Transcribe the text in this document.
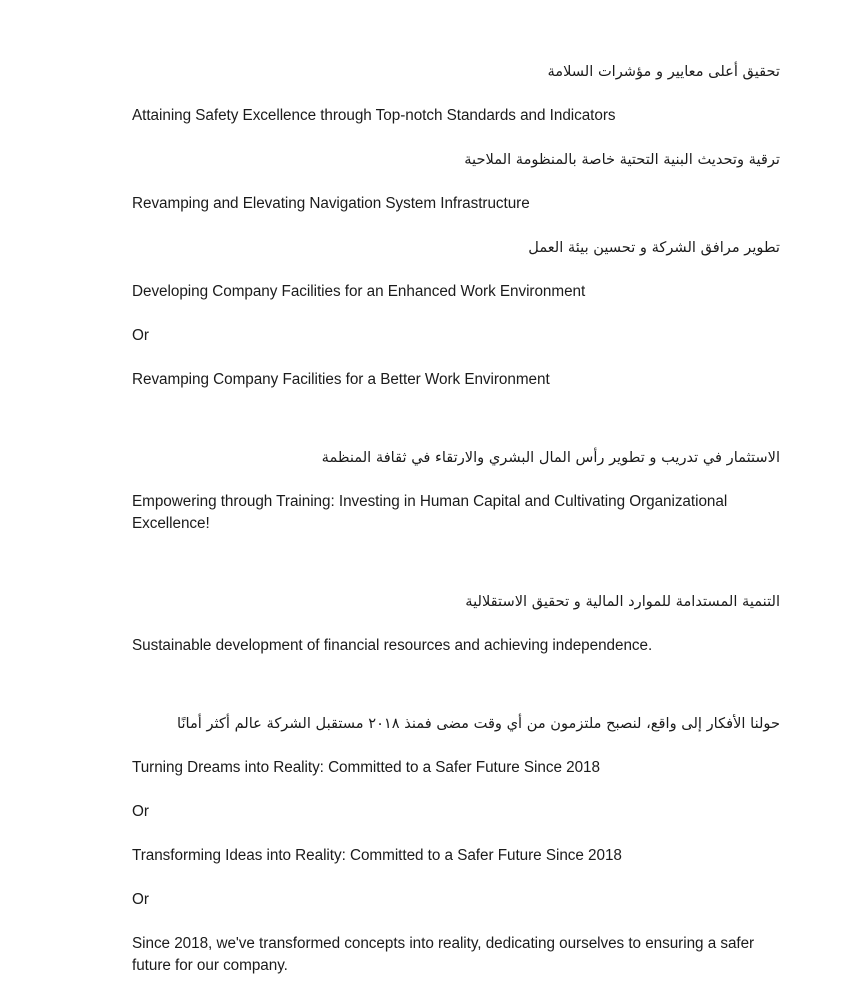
تحقيق أعلى معايير و مؤشرات السلامة

Attaining Safety Excellence through Top-notch Standards and Indicators

ترقية وتحديث البنية التحتية خاصة بالمنظومة الملاحية

Revamping and Elevating Navigation System Infrastructure

تطوير مرافق الشركة و تحسين بيئة العمل

Developing Company Facilities for an Enhanced Work Environment

Or

Revamping Company Facilities for a Better Work Environment

الاستثمار في تدريب و تطوير رأس المال البشري والارتقاء في ثقافة المنظمة

Empowering through Training: Investing in Human Capital and Cultivating Organizational Excellence!

التنمية المستدامة للموارد المالية و تحقيق الاستقلالية

Sustainable development of financial resources and achieving independence.

حولنا الأفكار إلى واقع، لنصبح ملتزمون من أي وقت مضى فمنذ ٢٠١٨ مستقبل الشركة عالم أكثر أمانًا

Turning Dreams into Reality: Committed to a Safer Future Since 2018

Or

Transforming Ideas into Reality: Committed to a Safer Future Since 2018

Or

Since 2018, we've transformed concepts into reality, dedicating ourselves to ensuring a safer future for our company.
